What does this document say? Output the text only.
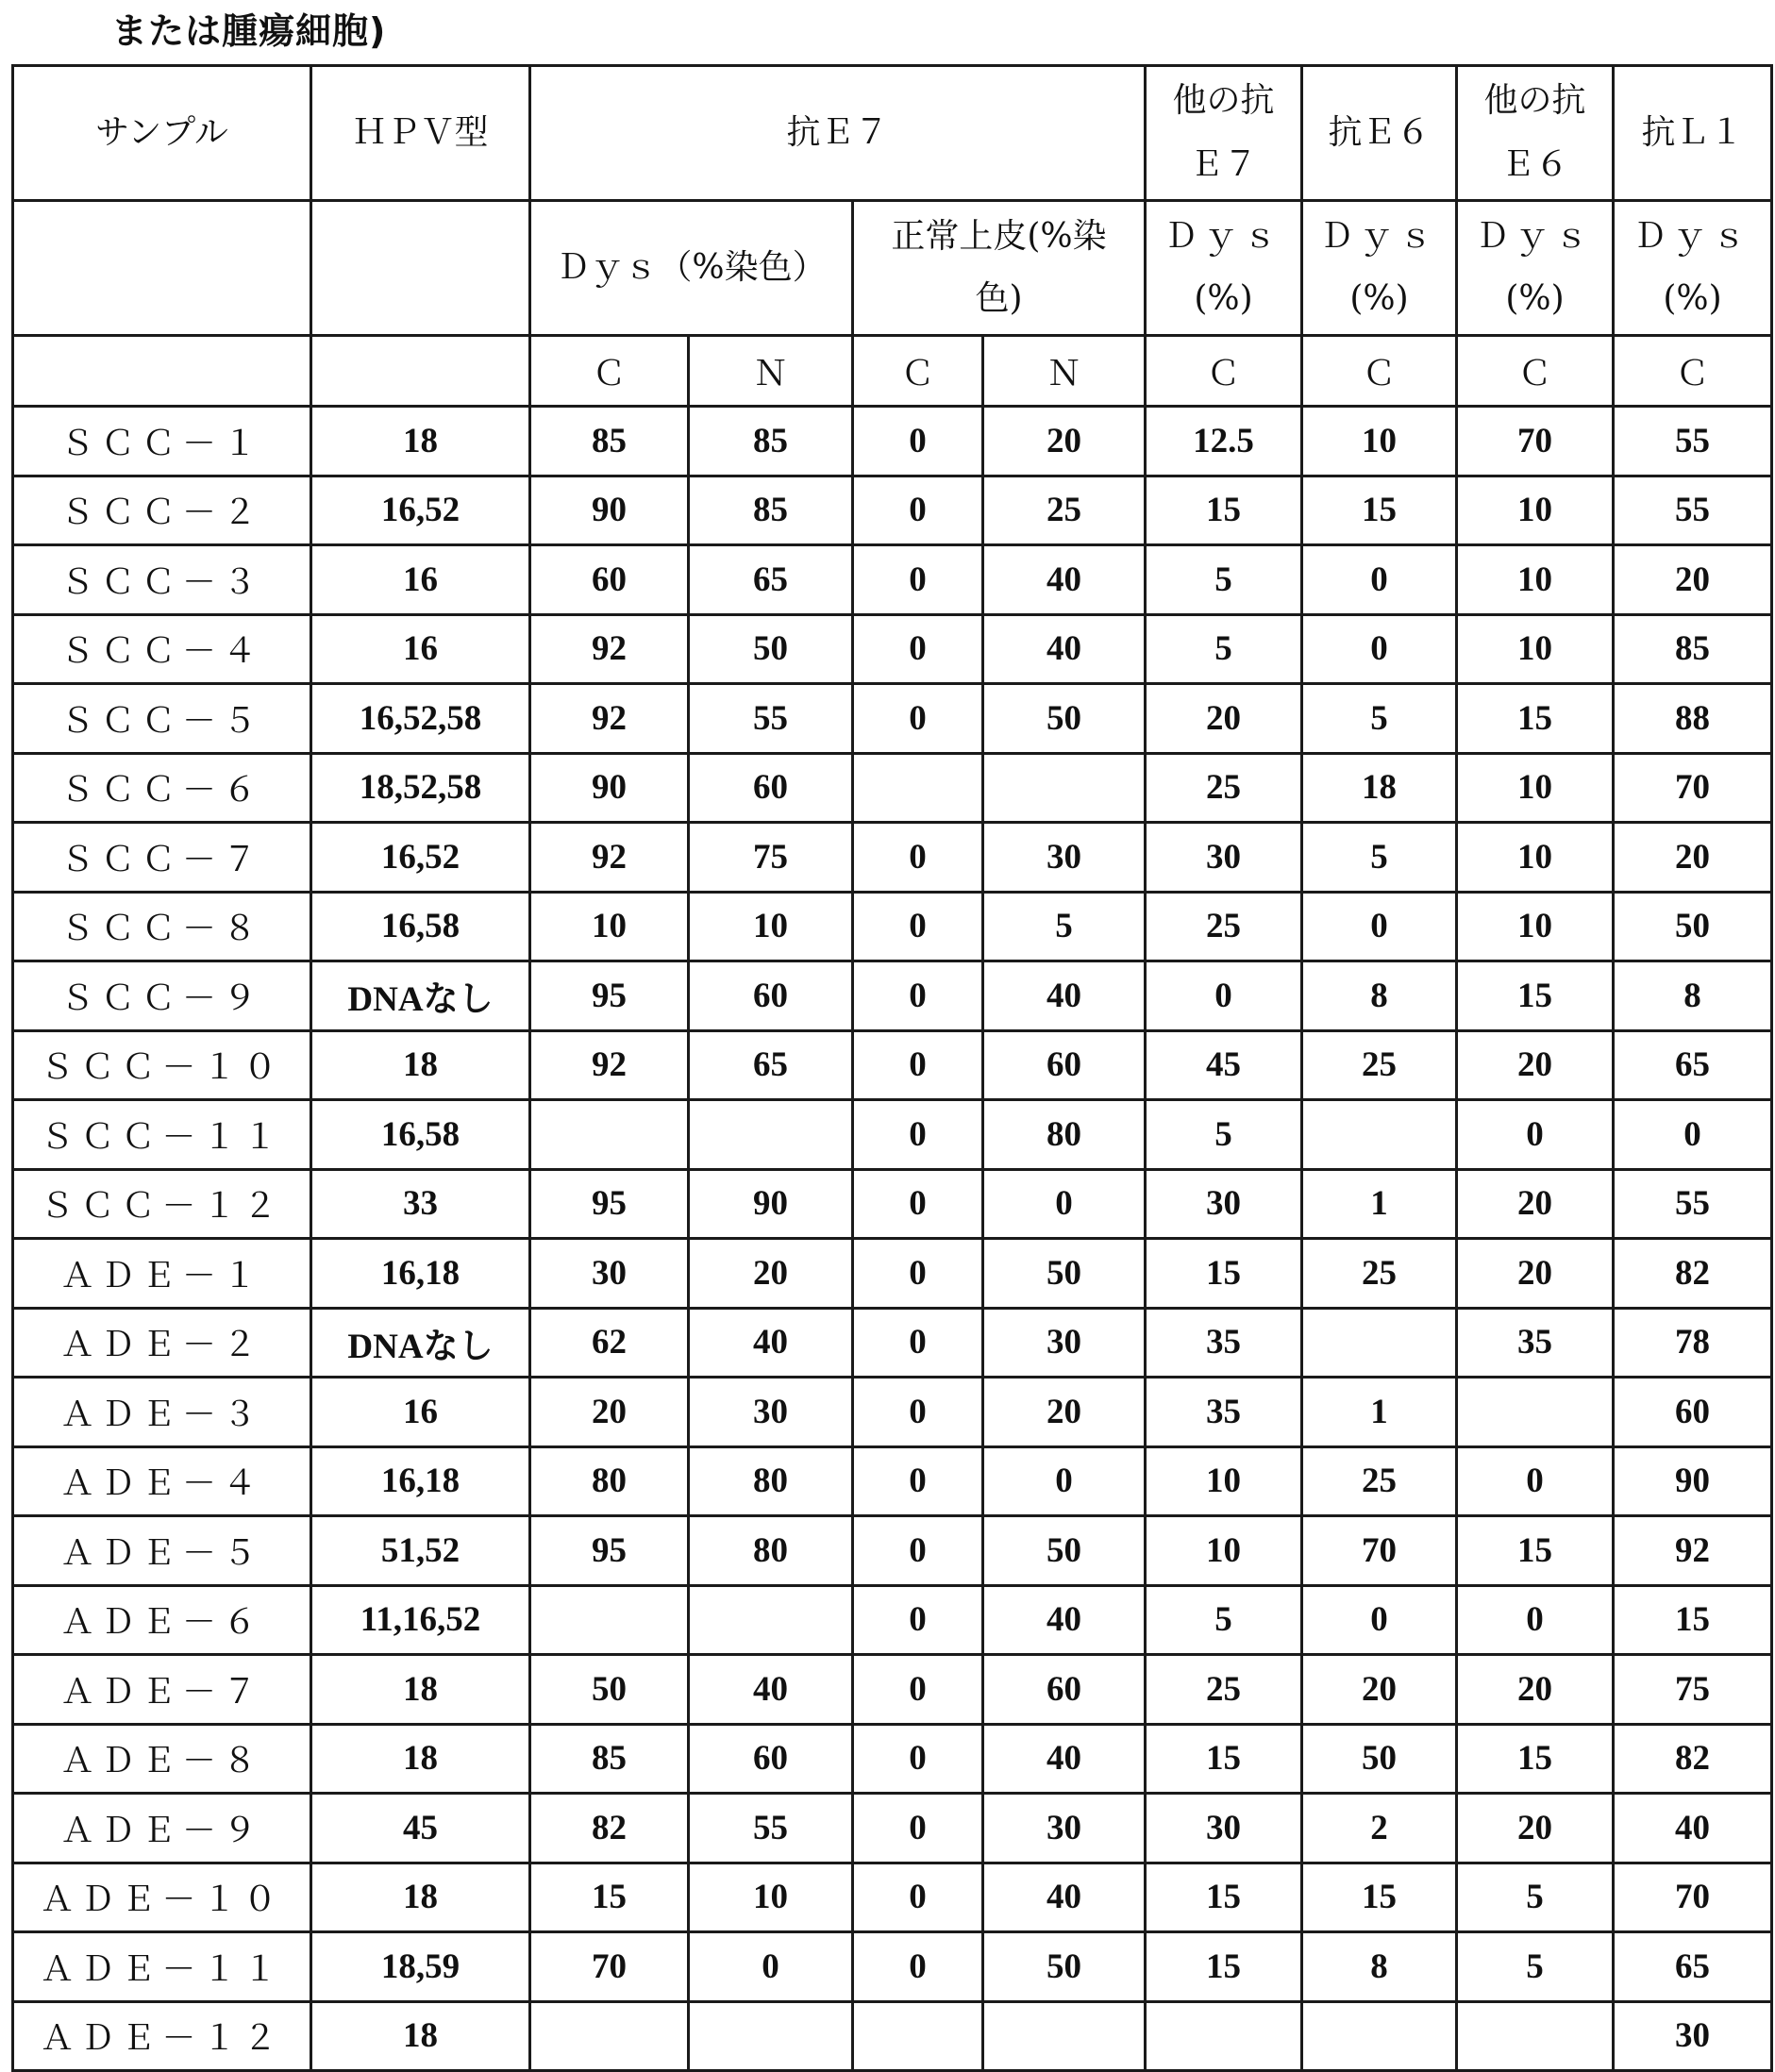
または腫瘍細胞)
サンプル	ＨＰＶ型	抗Ｅ７	他の抗
Ｅ７	抗Ｅ６	他の抗
Ｅ６	抗Ｌ１
		Ｄｙｓ（%染色）	正常上皮(%染
色)	Ｄｙｓ
(%)	Ｄｙｓ
(%)	Ｄｙｓ
(%)	Ｄｙｓ
(%)
		Ｃ	Ｎ	Ｃ	Ｎ	Ｃ	Ｃ	Ｃ	Ｃ
ＳＣＣ－１	18	85	85	0	20	12.5	10	70	55
ＳＣＣ－２	16,52	90	85	0	25	15	15	10	55
ＳＣＣ－３	16	60	65	0	40	5	0	10	20
ＳＣＣ－４	16	92	50	0	40	5	0	10	85
ＳＣＣ－５	16,52,58	92	55	0	50	20	5	15	88
ＳＣＣ－６	18,52,58	90	60			25	18	10	70
ＳＣＣ－７	16,52	92	75	0	30	30	5	10	20
ＳＣＣ－８	16,58	10	10	0	5	25	0	10	50
ＳＣＣ－９	DNAなし	95	60	0	40	0	8	15	8
ＳＣＣ－１０	18	92	65	0	60	45	25	20	65
ＳＣＣ－１１	16,58			0	80	5		0	0
ＳＣＣ－１２	33	95	90	0	0	30	1	20	55
ＡＤＥ－１	16,18	30	20	0	50	15	25	20	82
ＡＤＥ－２	DNAなし	62	40	0	30	35		35	78
ＡＤＥ－３	16	20	30	0	20	35	1		60
ＡＤＥ－４	16,18	80	80	0	0	10	25	0	90
ＡＤＥ－５	51,52	95	80	0	50	10	70	15	92
ＡＤＥ－６	11,16,52			0	40	5	0	0	15
ＡＤＥ－７	18	50	40	0	60	25	20	20	75
ＡＤＥ－８	18	85	60	0	40	15	50	15	82
ＡＤＥ－９	45	82	55	0	30	30	2	20	40
ＡＤＥ－１０	18	15	10	0	40	15	15	5	70
ＡＤＥ－１１	18,59	70	0	0	50	15	8	5	65
ＡＤＥ－１２	18								30
